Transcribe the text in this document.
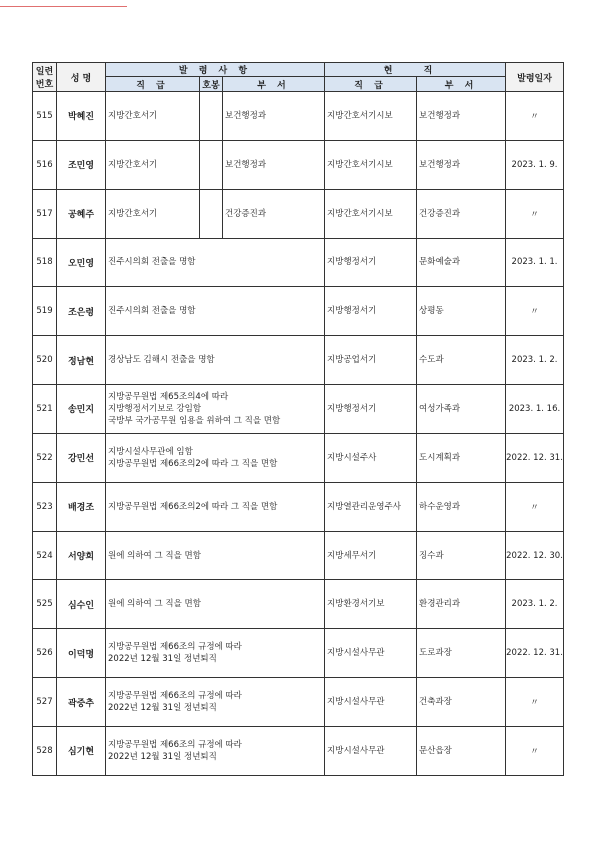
일련
번호	성 명	발 령 사 항			현 직		발령일자
		직 급	호봉	부 서	직 급	부 서	
515	박혜진	지방간호서기		보건행정과	지방간호서기시보	보건행정과	〃
516	조민영	지방간호서기		보건행정과	지방간호서기시보	보건행정과	2023. 1. 9.
517	공혜주	지방간호서기		건강증진과	지방간호서기시보	건강증진과	〃
518	오민영	진주시의회 전출을 명함			지방행정서기	문화예술과	2023. 1. 1.
519	조은령	진주시의회 전출을 명함			지방행정서기	상평동	〃
520	정남현	경상남도 김해시 전출을 명함			지방공업서기	수도과	2023. 1. 2.
521	송민지	지방공무원법 제65조의4에 따라
지방행정서기보로 강임함
국방부 국가공무원 임용을 위하여 그 직을 면함			지방행정서기	여성가족과	2023. 1. 16.
522	강민선	지방시설사무관에 임함
지방공무원법 제66조의2에 따라 그 직을 면함			지방시설주사	도시계획과	2022. 12. 31.
523	배경조	지방공무원법 제66조의2에 따라 그 직을 면함			지방열관리운영주사	하수운영과	〃
524	서양희	원에 의하여 그 직을 면함			지방세무서기	징수과	2022. 12. 30.
525	심수인	원에 의하여 그 직을 면함			지방환경서기보	환경관리과	2023. 1. 2.
526	이덕명	지방공무원법 제66조의 규정에 따라
2022년 12월 31일 정년퇴직			지방시설사무관	도로과장	2022. 12. 31.
527	곽중추	지방공무원법 제66조의 규정에 따라
2022년 12월 31일 정년퇴직			지방시설사무관	건축과장	〃
528	심기현	지방공무원법 제66조의 규정에 따라
2022년 12월 31일 정년퇴직			지방시설사무관	문산읍장	〃
